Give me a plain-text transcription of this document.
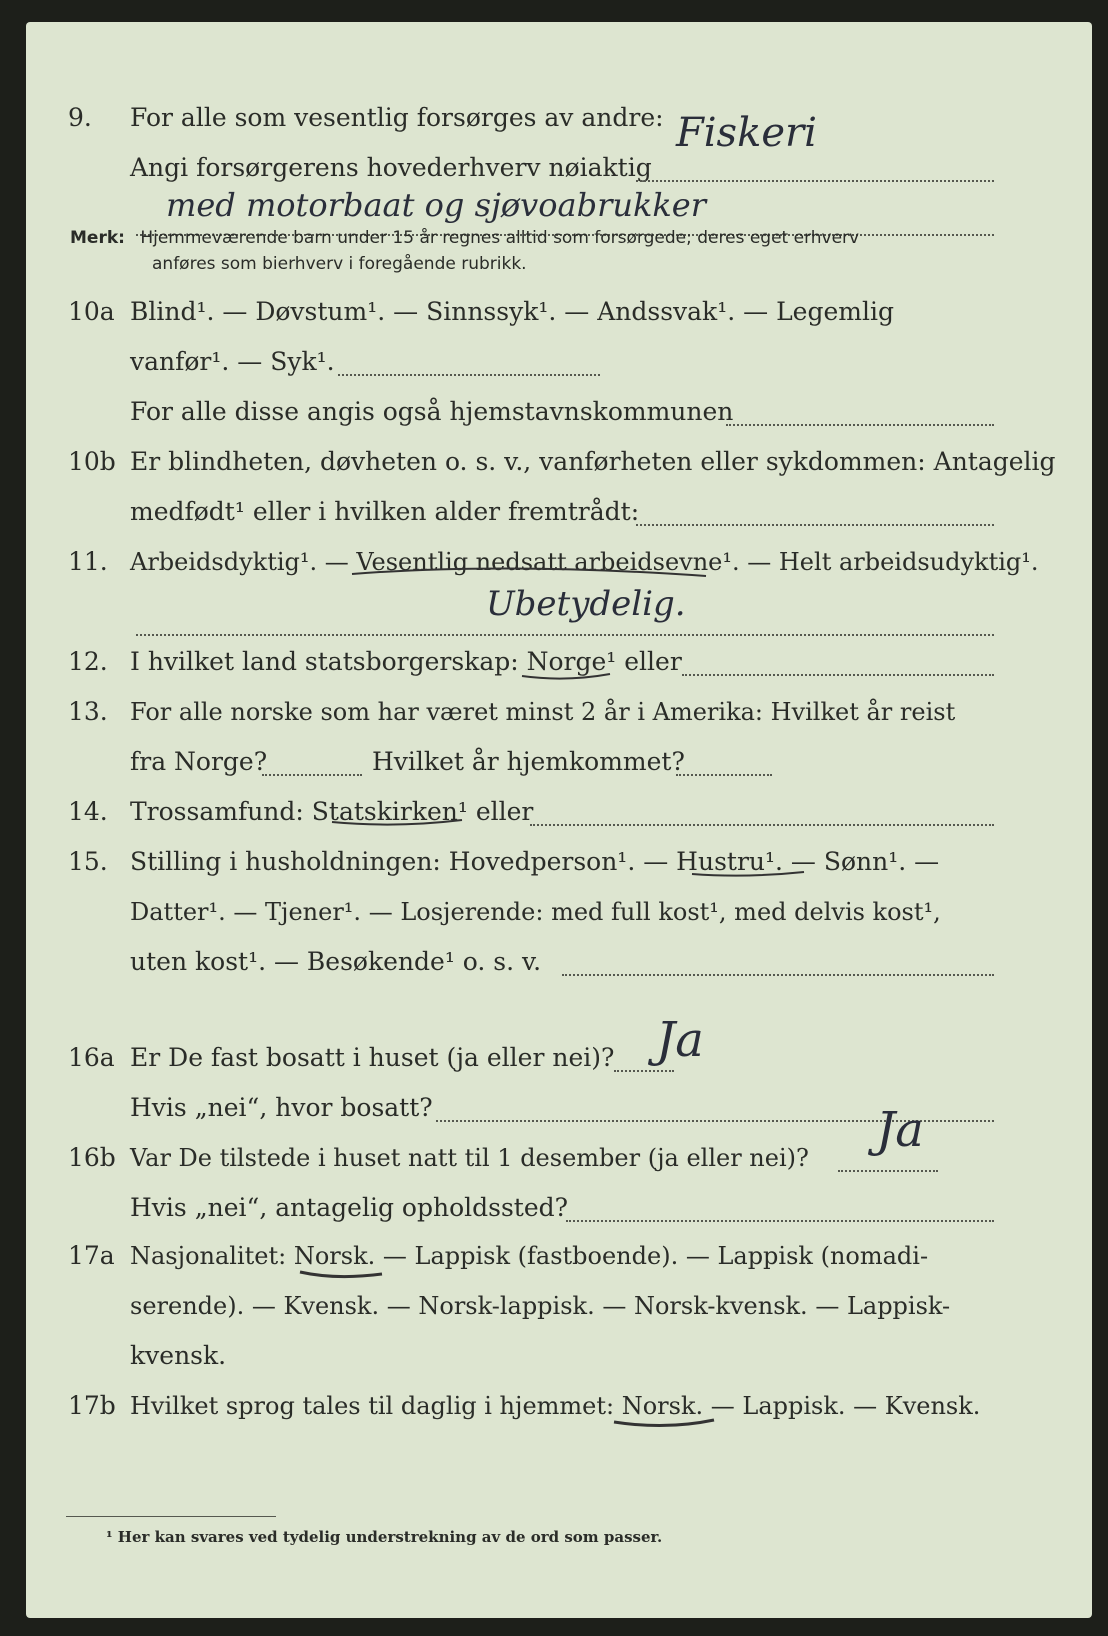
9. For alle som vesentlig forsørges av andre:
Angi forsørgerens hovederhverv nøiaktig
Fiskeri
med motorbaat og sjøvoabrukker
Merk: Hjemmeværende barn under 15 år regnes alltid som forsørgede; deres eget erhverv
anføres som bierhverv i foregående rubrikk.
10a Blind¹. — Døvstum¹. — Sinnssyk¹. — Andssvak¹. — Legemlig
vanfør¹. — Syk¹.
For alle disse angis også hjemstavnskommunen
10b Er blindheten, døvheten o. s. v., vanførheten eller sykdommen: Antagelig
medfødt¹ eller i hvilken alder fremtrådt:
11. Arbeidsdyktig¹. — Vesentlig nedsatt arbeidsevne¹. — Helt arbeidsudyktig¹.
Ubetydelig.
12. I hvilket land statsborgerskap: Norge¹ eller
13. For alle norske som har været minst 2 år i Amerika: Hvilket år reist
fra Norge?	Hvilket år hjemkommet?
14. Trossamfund: Statskirken¹ eller
15. Stilling i husholdningen: Hovedperson¹. — Hustru¹. — Sønn¹. —
Datter¹. — Tjener¹. — Losjerende: med full kost¹, med delvis kost¹,
uten kost¹. — Besøkende¹ o. s. v.
16a Er De fast bosatt i huset (ja eller nei)? Ja
Hvis „nei“, hvor bosatt?
16b Var De tilstede i huset natt til 1 desember (ja eller nei)? Ja
Hvis „nei“, antagelig opholdssted?
17a Nasjonalitet: Norsk. — Lappisk (fastboende). — Lappisk (nomadi-
serende). — Kvensk. — Norsk-lappisk. — Norsk-kvensk. — Lappisk-
kvensk.
17b Hvilket sprog tales til daglig i hjemmet: Norsk. — Lappisk. — Kvensk.
¹ Her kan svares ved tydelig understrekning av de ord som passer.
